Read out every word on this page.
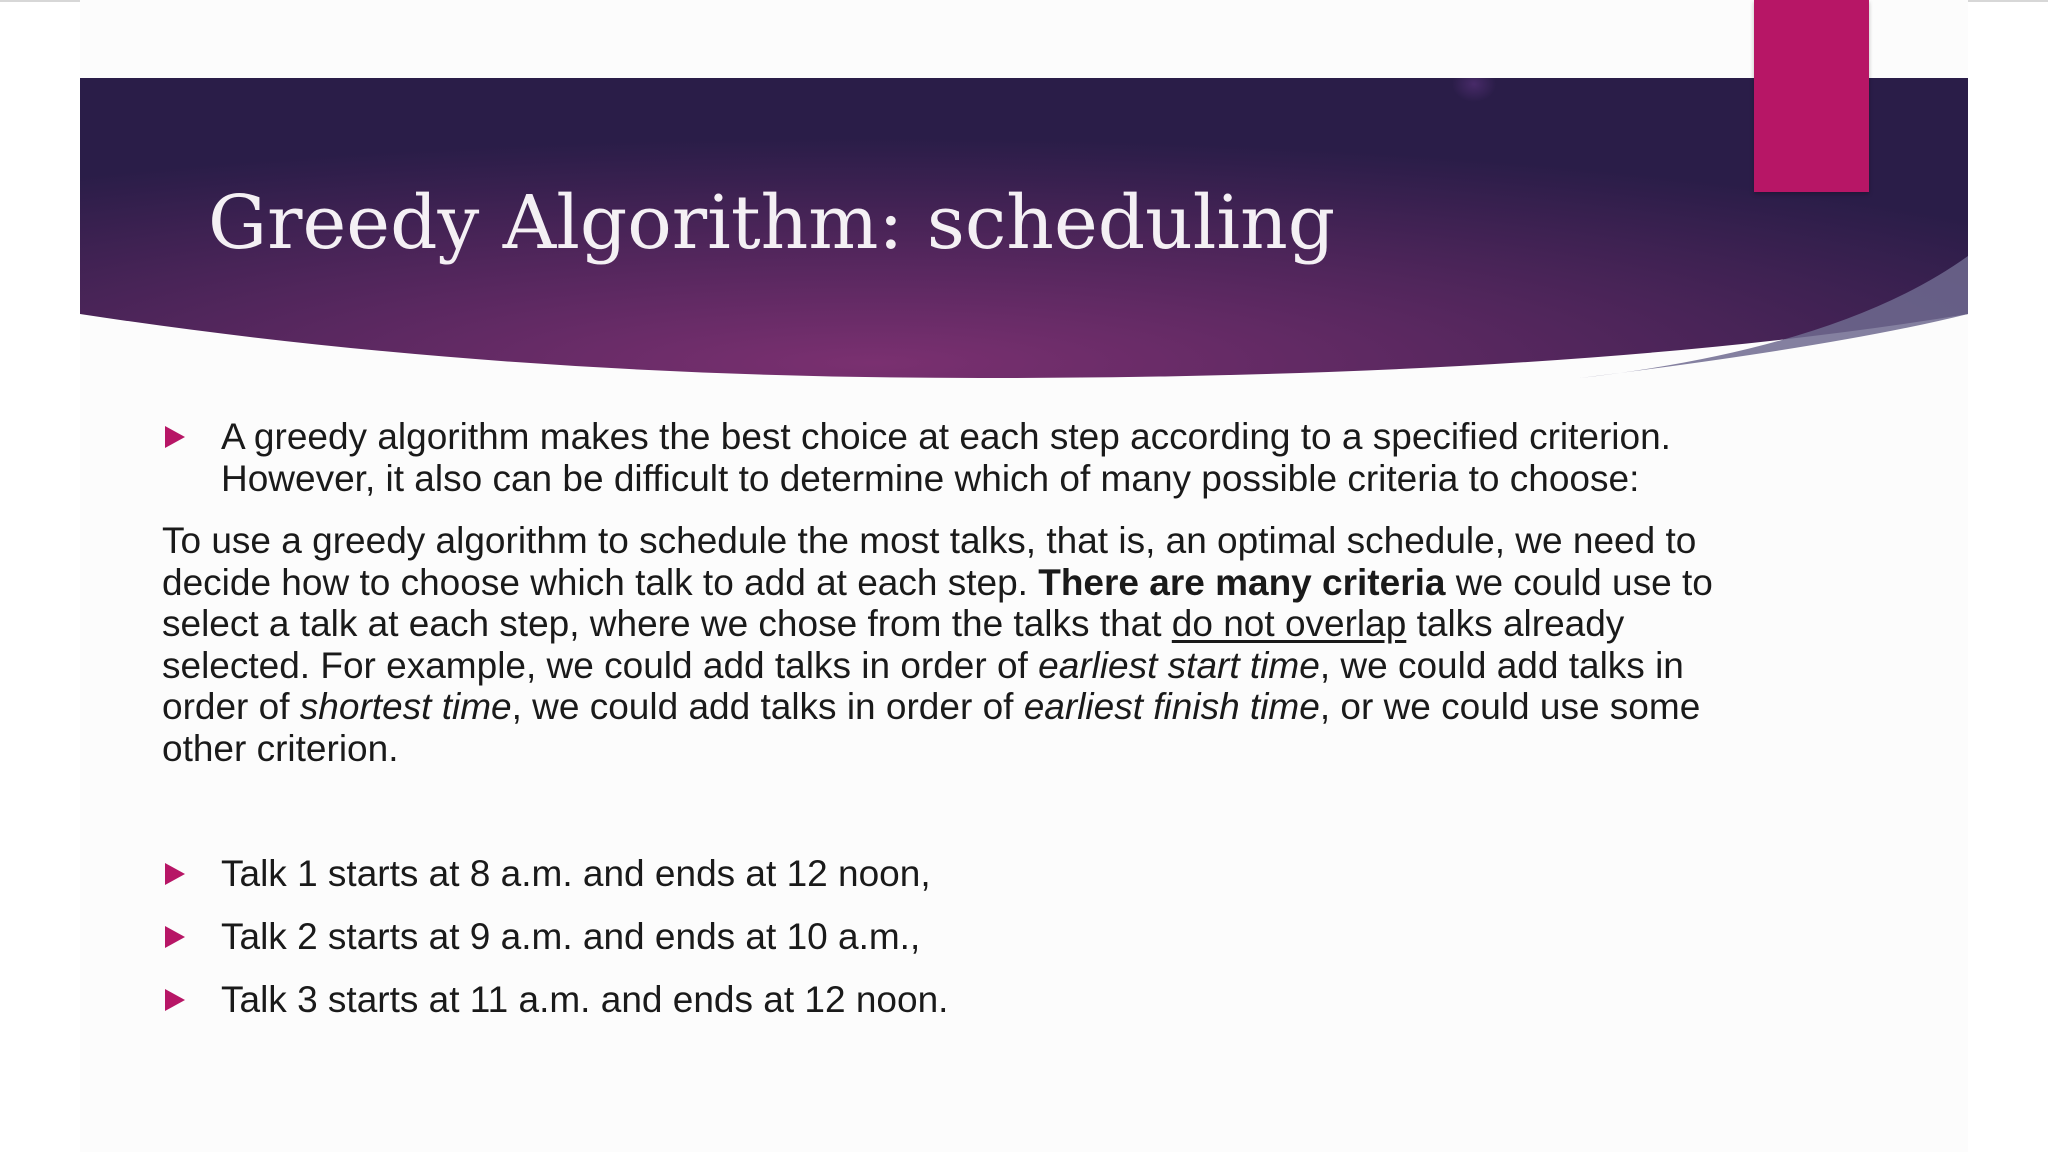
Greedy Algorithm: scheduling
A greedy algorithm makes the best choice at each step according to a specified criterion.
However, it also can be difficult to determine which of many possible criteria to choose:

To use a greedy algorithm to schedule the most talks, that is, an optimal schedule, we need to
decide how to choose which talk to add at each step. There are many criteria we could use to
select a talk at each step, where we chose from the talks that do not overlap talks already
selected. For example, we could add talks in order of earliest start time, we could add talks in
order of shortest time, we could add talks in order of earliest finish time, or we could use some
other criterion.

Talk 1 starts at 8 a.m. and ends at 12 noon,
Talk 2 starts at 9 a.m. and ends at 10 a.m.,
Talk 3 starts at 11 a.m. and ends at 12 noon.
